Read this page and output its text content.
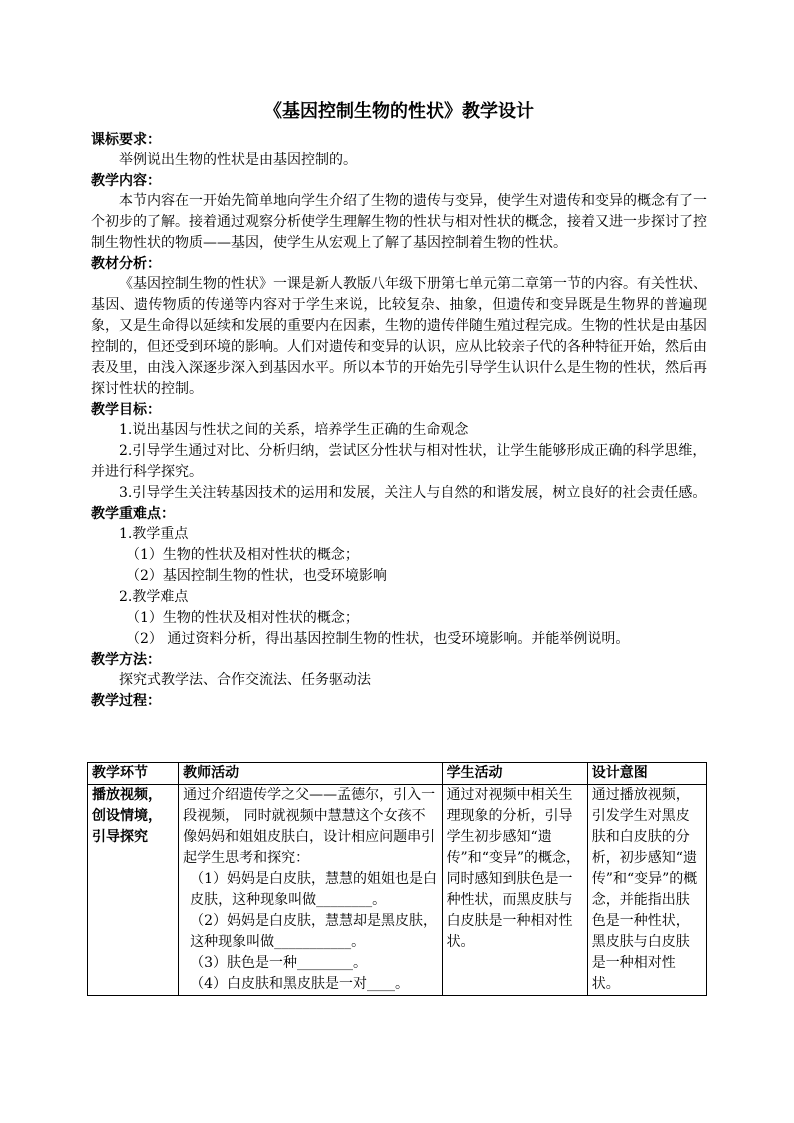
《基因控制生物的性状》教学设计
课标要求：

举例说出生物的性状是由基因控制的。

教学内容：

本节内容在一开始先简单地向学生介绍了生物的遗传与变异，使学生对遗传和变异的概念有了一个初步的了解。接着通过观察分析使学生理解生物的性状与相对性状的概念，接着又进一步探讨了控制生物性状的物质——基因，使学生从宏观上了解了基因控制着生物的性状。

教材分析：

《基因控制生物的性状》一课是新人教版八年级下册第七单元第二章第一节的内容。有关性状、基因、遗传物质的传递等内容对于学生来说，比较复杂、抽象，但遗传和变异既是生物界的普遍现象，又是生命得以延续和发展的重要内在因素，生物的遗传伴随生殖过程完成。生物的性状是由基因控制的，但还受到环境的影响。人们对遗传和变异的认识，应从比较亲子代的各种特征开始，然后由表及里，由浅入深逐步深入到基因水平。所以本节的开始先引导学生认识什么是生物的性状，然后再探讨性状的控制。

教学目标：

1.说出基因与性状之间的关系，培养学生正确的生命观念

2.引导学生通过对比、分析归纳，尝试区分性状与相对性状，让学生能够形成正确的科学思维，并进行科学探究。

3.引导学生关注转基因技术的运用和发展，关注人与自然的和谐发展，树立良好的社会责任感。

教学重难点：

1.教学重点

（1）生物的性状及相对性状的概念；

（2）基因控制生物的性状，也受环境影响

2.教学难点

（1）生物的性状及相对性状的概念；

（2） 通过资料分析，得出基因控制生物的性状，也受环境影响。并能举例说明。

教学方法：

探究式教学法、合作交流法、任务驱动法

教学过程：
教学环节	教师活动	学生活动	设计意图
播放视频，创设情境，引导探究	通过介绍遗传学之父——孟德尔，引入一段视频， 同时就视频中慧慧这个女孩不像妈妈和姐姐皮肤白，设计相应问题串引起学生思考和探究：
（1）妈妈是白皮肤，慧慧的姐姐也是白皮肤，这种现象叫做________。
（2）妈妈是白皮肤，慧慧却是黑皮肤，这种现象叫做___________。
（3）肤色是一种________。
（4）白皮肤和黑皮肤是一对____。	通过对视频中相关生理现象的分析，引导学生初步感知“遗传”和“变异”的概念，同时感知到肤色是一种性状，而黑皮肤与白皮肤是一种相对性状。	通过播放视频，引发学生对黑皮肤和白皮肤的分析，初步感知“遗传”和“变异”的概念，并能指出肤色是一种性状，黑皮肤与白皮肤是一种相对性状。
